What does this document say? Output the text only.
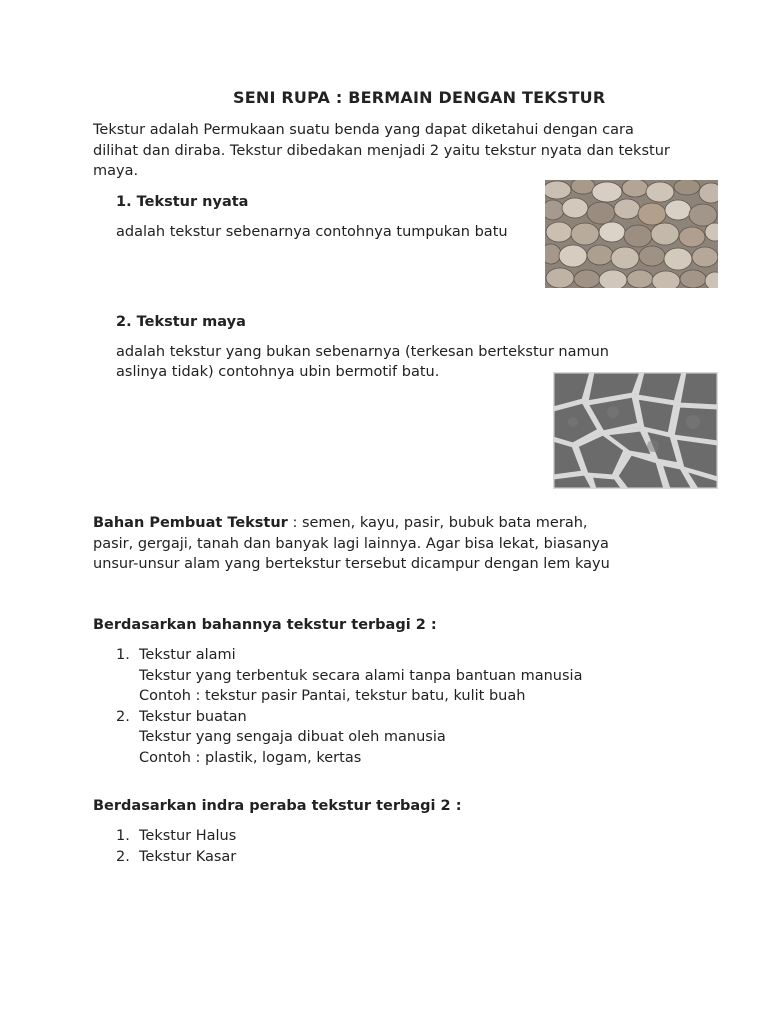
SENI RUPA : BERMAIN DENGAN TEKSTUR
Tekstur adalah Permukaan suatu benda yang dapat diketahui dengan cara dilihat dan diraba. Tekstur dibedakan menjadi 2 yaitu tekstur nyata dan tekstur maya.
1. Tekstur nyata
adalah tekstur sebenarnya contohnya tumpukan batu
2. Tekstur maya
adalah tekstur yang bukan sebenarnya (terkesan bertekstur namun
aslinya tidak) contohnya ubin bermotif batu.
Bahan Pembuat Tekstur : semen, kayu, pasir, bubuk bata merah,
pasir, gergaji, tanah dan banyak lagi lainnya. Agar bisa lekat, biasanya
unsur-unsur alam yang bertekstur tersebut dicampur dengan lem kayu
Berdasarkan bahannya tekstur terbagi 2 :
1. Tekstur alami
Tekstur yang terbentuk secara alami tanpa bantuan manusia
Contoh : tekstur pasir Pantai, tekstur batu, kulit buah
2. Tekstur buatan
Tekstur yang sengaja dibuat oleh manusia
Contoh : plastik, logam, kertas
Berdasarkan indra peraba tekstur terbagi 2 :
1. Tekstur Halus
2. Tekstur Kasar
